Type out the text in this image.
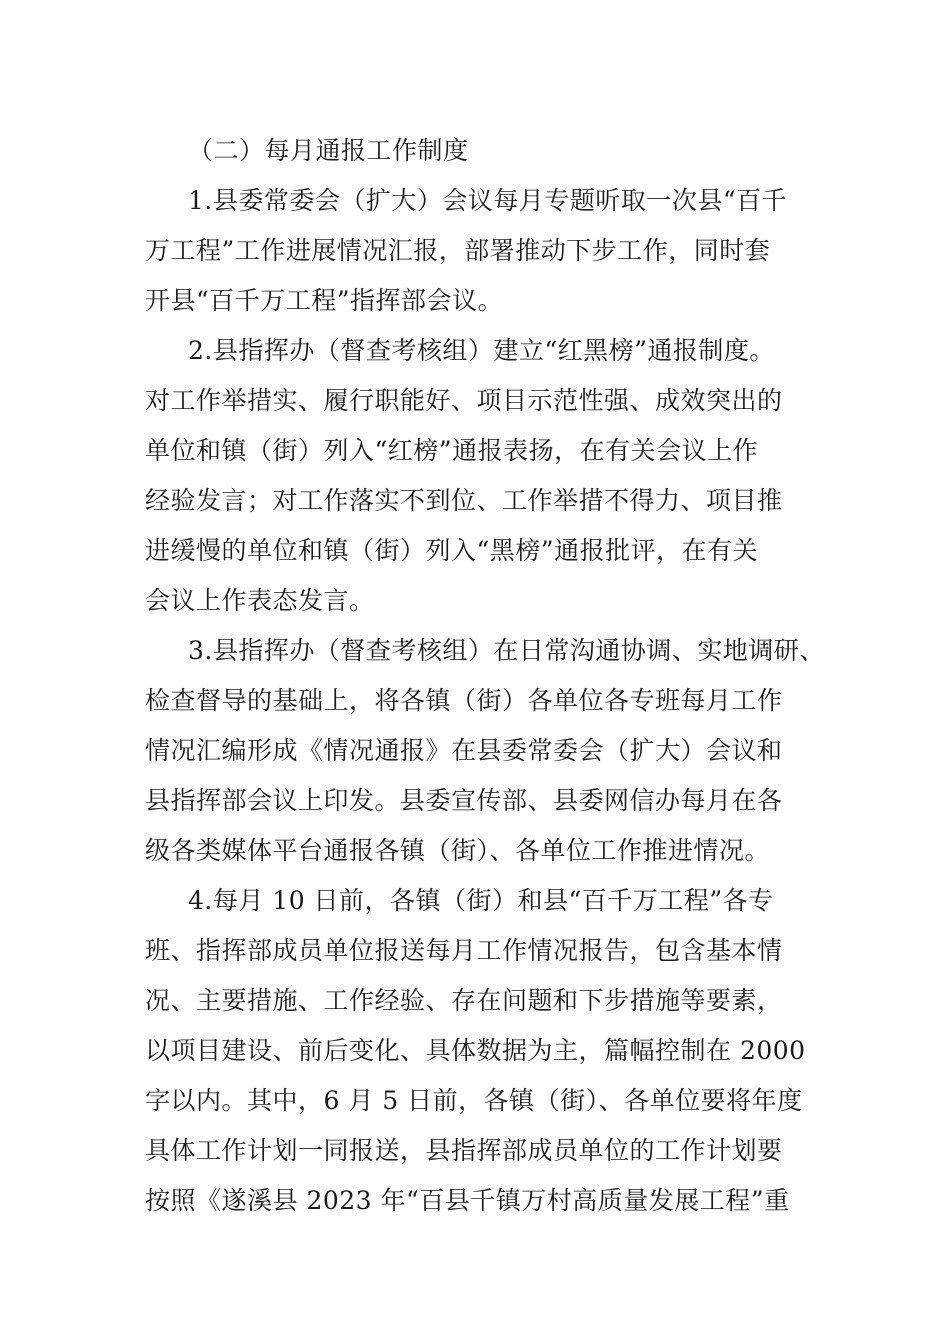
（二）每月通报工作制度
1.县委常委会（扩大）会议每月专题听取一次县“百千
万工程”工作进展情况汇报，部署推动下步工作，同时套
开县“百千万工程”指挥部会议。
2.县指挥办（督查考核组）建立“红黑榜”通报制度。
对工作举措实、履行职能好、项目示范性强、成效突出的
单位和镇（街）列入“红榜”通报表扬，在有关会议上作
经验发言；对工作落实不到位、工作举措不得力、项目推
进缓慢的单位和镇（街）列入“黑榜”通报批评，在有关
会议上作表态发言。
3.县指挥办（督查考核组）在日常沟通协调、实地调研、
检查督导的基础上，将各镇（街）各单位各专班每月工作
情况汇编形成《情况通报》在县委常委会（扩大）会议和
县指挥部会议上印发。县委宣传部、县委网信办每月在各
级各类媒体平台通报各镇（街）、各单位工作推进情况。
4.每月 10 日前，各镇（街）和县“百千万工程”各专
班、指挥部成员单位报送每月工作情况报告，包含基本情
况、主要措施、工作经验、存在问题和下步措施等要素，
以项目建设、前后变化、具体数据为主，篇幅控制在 2000
字以内。其中，6 月 5 日前，各镇（街）、各单位要将年度
具体工作计划一同报送，县指挥部成员单位的工作计划要
按照《遂溪县 2023 年“百县千镇万村高质量发展工程”重
